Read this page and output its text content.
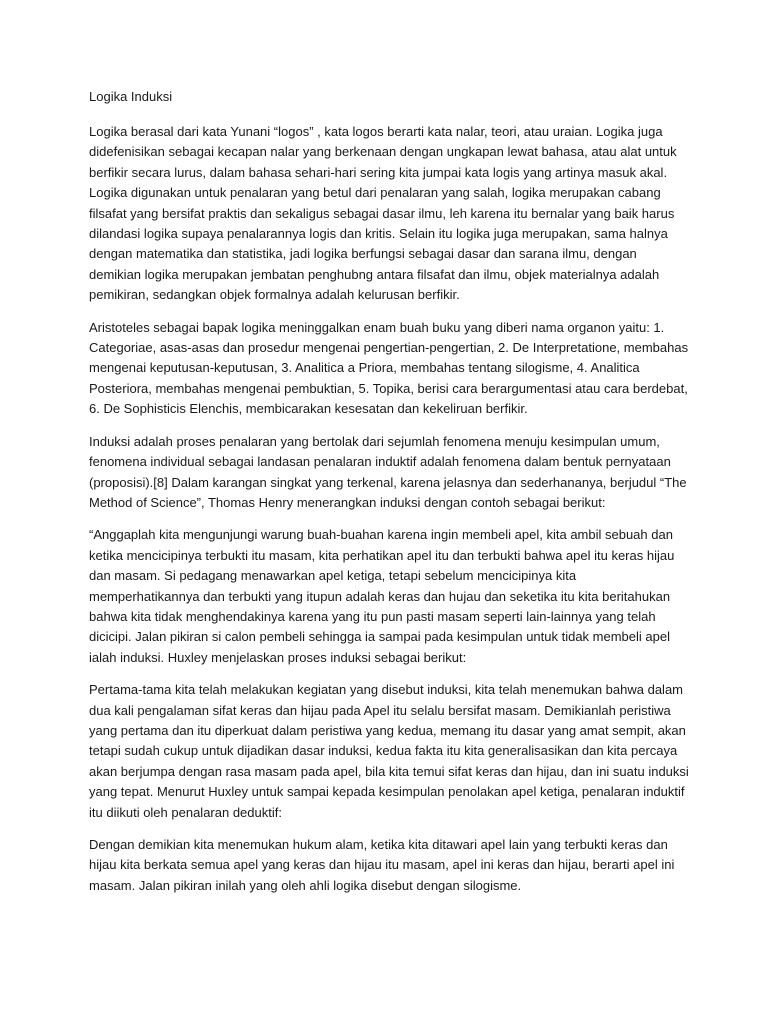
Logika Induksi

Logika berasal dari kata Yunani “logos” , kata logos berarti kata nalar, teori, atau uraian. Logika juga didefenisikan sebagai kecapan nalar yang berkenaan dengan ungkapan lewat bahasa, atau alat untuk berfikir secara lurus, dalam bahasa sehari-hari sering kita jumpai kata logis yang artinya masuk akal. Logika digunakan untuk penalaran yang betul dari penalaran yang salah, logika merupakan cabang filsafat yang bersifat praktis dan sekaligus sebagai dasar ilmu, leh karena itu bernalar yang baik harus dilandasi logika supaya penalarannya logis dan kritis. Selain itu logika juga merupakan, sama halnya dengan matematika dan statistika, jadi logika berfungsi sebagai dasar dan sarana ilmu, dengan demikian logika merupakan jembatan penghubng antara filsafat dan ilmu, objek materialnya adalah pemikiran, sedangkan objek formalnya adalah kelurusan berfikir.

Aristoteles sebagai bapak logika meninggalkan enam buah buku yang diberi nama organon yaitu: 1. Categoriae, asas-asas dan prosedur mengenai pengertian-pengertian, 2. De Interpretatione, membahas mengenai keputusan-keputusan, 3. Analitica a Priora, membahas tentang silogisme, 4. Analitica Posteriora, membahas mengenai pembuktian, 5. Topika, berisi cara berargumentasi atau cara berdebat, 6. De Sophisticis Elenchis, membicarakan kesesatan dan kekeliruan berfikir.

Induksi adalah proses penalaran yang bertolak dari sejumlah fenomena menuju kesimpulan umum, fenomena individual sebagai landasan penalaran induktif adalah fenomena dalam bentuk pernyataan (proposisi).[8] Dalam karangan singkat yang terkenal, karena jelasnya dan sederhananya, berjudul “The Method of Science”, Thomas Henry menerangkan induksi dengan contoh sebagai berikut:

“Anggaplah kita mengunjungi warung buah-buahan karena ingin membeli apel, kita ambil sebuah dan ketika mencicipinya terbukti itu masam, kita perhatikan apel itu dan terbukti bahwa apel itu keras hijau dan masam. Si pedagang menawarkan apel ketiga, tetapi sebelum mencicipinya kita memperhatikannya dan terbukti yang itupun adalah keras dan hujau dan seketika itu kita beritahukan bahwa kita tidak menghendakinya karena yang itu pun pasti masam seperti lain-lainnya yang telah dicicipi. Jalan pikiran si calon pembeli sehingga ia sampai pada kesimpulan untuk tidak membeli apel ialah induksi. Huxley menjelaskan proses induksi sebagai berikut:

Pertama-tama kita telah melakukan kegiatan yang disebut induksi, kita telah menemukan bahwa dalam dua kali pengalaman sifat keras dan hijau pada Apel itu selalu bersifat masam. Demikianlah peristiwa yang pertama dan itu diperkuat dalam peristiwa yang kedua, memang itu dasar yang amat sempit, akan tetapi sudah cukup untuk dijadikan dasar induksi, kedua fakta itu kita generalisasikan dan kita percaya akan berjumpa dengan rasa masam pada apel, bila kita temui sifat keras dan hijau, dan ini suatu induksi yang tepat. Menurut Huxley untuk sampai kepada kesimpulan penolakan apel ketiga, penalaran induktif itu diikuti oleh penalaran deduktif:

Dengan demikian kita menemukan hukum alam, ketika kita ditawari apel lain yang terbukti keras dan hijau kita berkata semua apel yang keras dan hijau itu masam, apel ini keras dan hijau, berarti apel ini masam. Jalan pikiran inilah yang oleh ahli logika disebut dengan silogisme.
